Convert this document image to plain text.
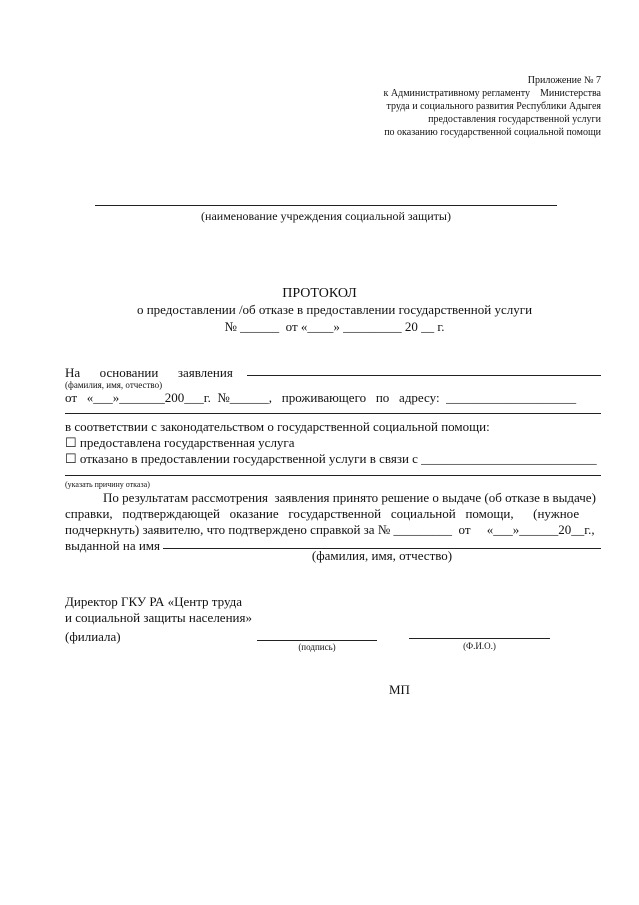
Приложение № 7
к Административному регламенту    Министерства
труда и социального развития Республики Адыгея
предоставления государственной услуги
по оказанию государственной социальной помощи
(наименование учреждения социальной защиты)
ПРОТОКОЛ
о предоставлении /об отказе в предоставлении государственной услуги
№ ______  от «____» _________ 20 __ г.
На      основании      заявления
(фамилия, имя, отчество)
от   «___»_______200___г.  №______,   проживающего   по   адресу:  ____________________
в соответствии с законодательством о государственной социальной помощи:
☐ предоставлена государственная услуга
☐ отказано в предоставлении государственной услуги в связи с ___________________________
(указать причину отказа)
По результатам рассмотрения  заявления принято решение о выдаче (об отказе в выдаче)
справки,   подтверждающей   оказание   государственной   социальной   помощи,      (нужное
подчеркнуть) заявителю, что подтверждено справкой за № _________  от     «___»______20__г.,
выданной на имя
(фамилия, имя, отчество)
Директор ГКУ РА «Центр труда
и социальной защиты населения»
(филиала)
(подпись)	(Ф.И.О.)
МП
